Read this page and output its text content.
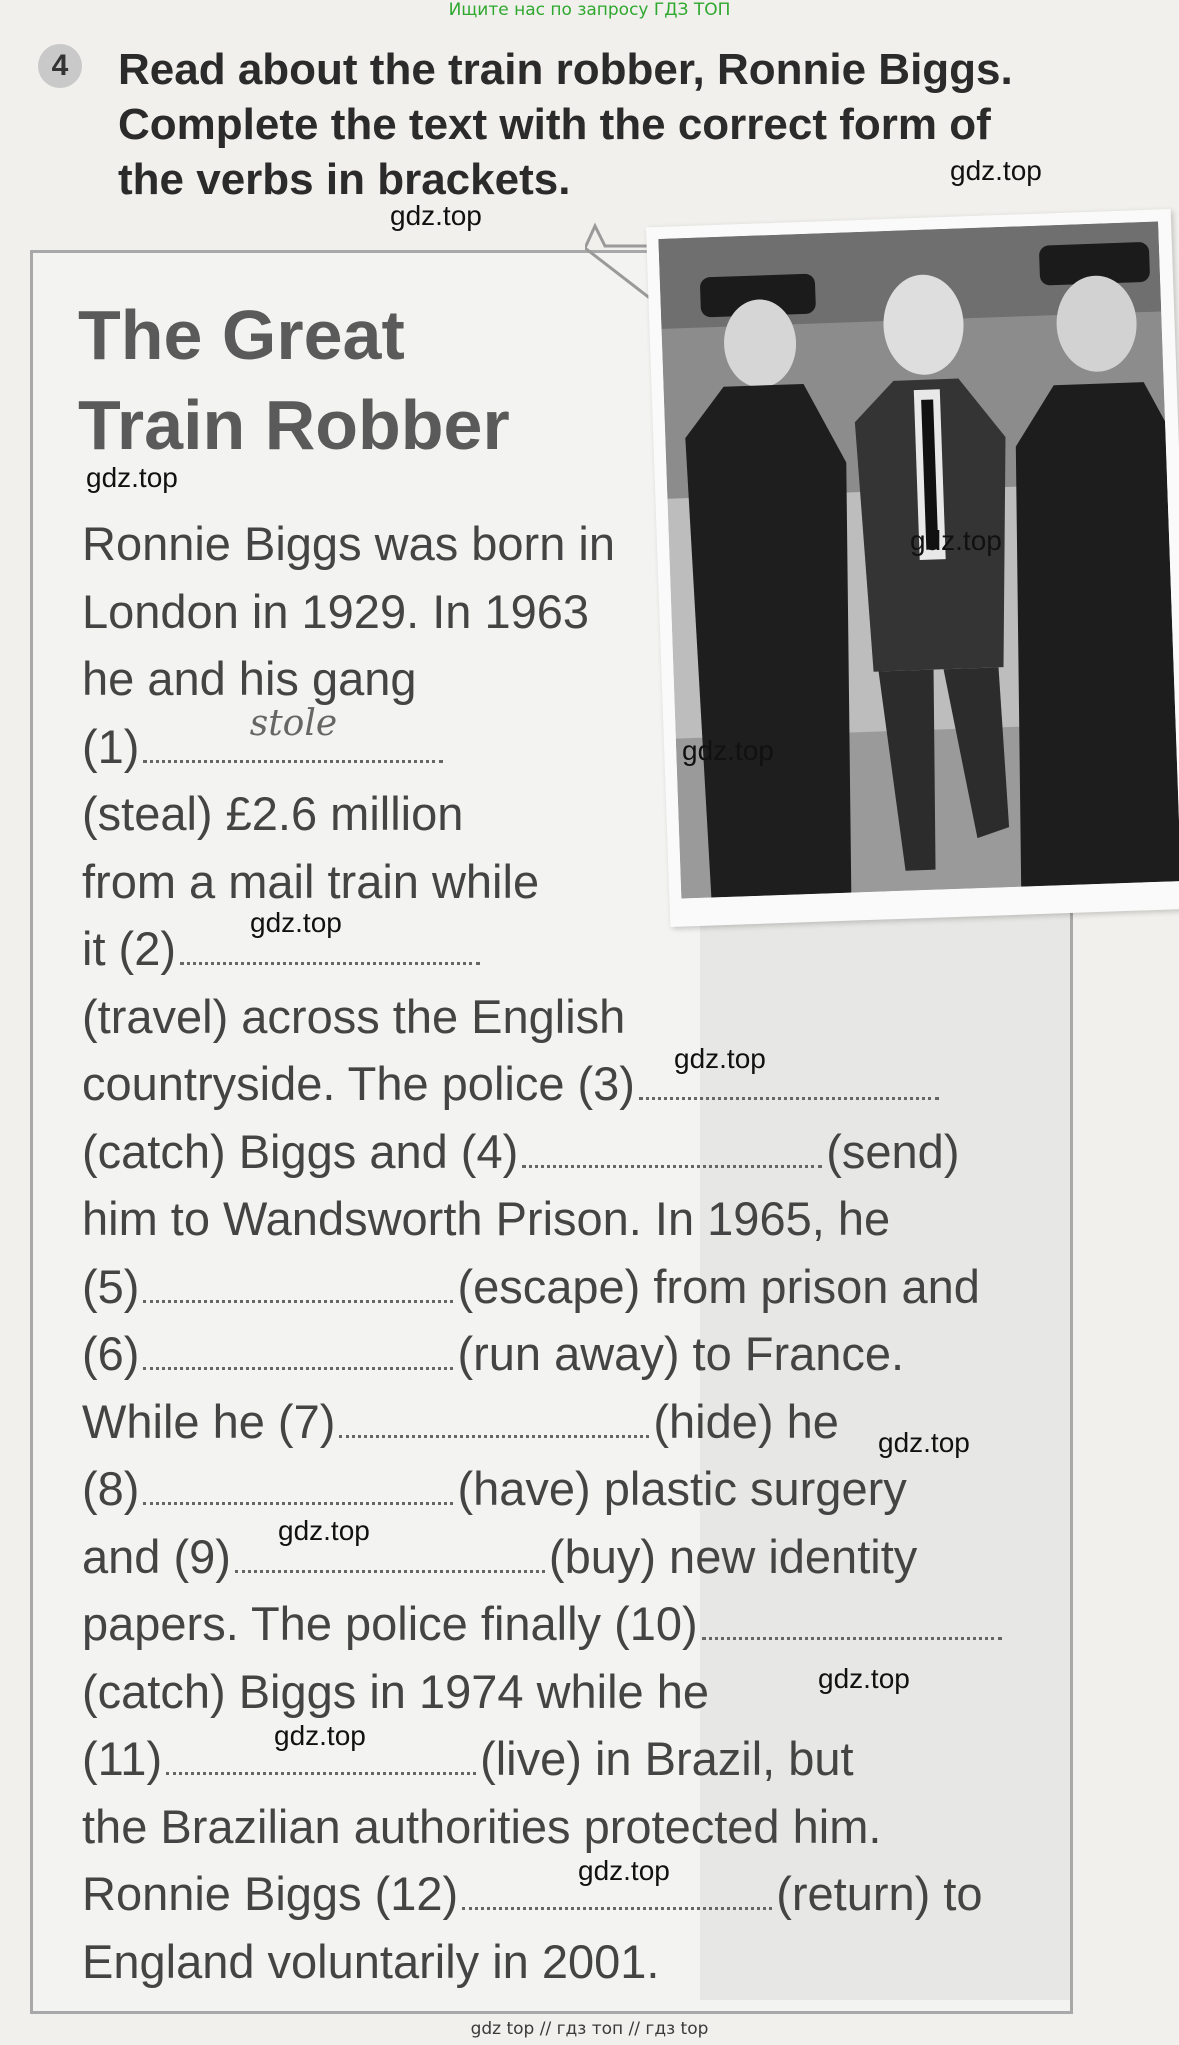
Ищите нас по запросу ГДЗ ТОП
4	Read about the train robber, Ronnie Biggs.
Complete the text with the correct form of
the verbs in brackets.
The Great
Train Robber
Ronnie Biggs was born in
London in 1929. In 1963
he and his gang
(1)	stole
(steal) £2.6 million
from a mail train while
it (2)
(travel) across the English
countryside. The police (3)
(catch) Biggs and (4)	(send)
him to Wandsworth Prison. In 1965, he
(5)	(escape) from prison and
(6)	(run away) to France.
While he (7)	(hide) he
(8)	(have) plastic surgery
and (9)	(buy) new identity
papers. The police finally (10)
(catch) Biggs in 1974 while he
(11)	(live) in Brazil, but
the Brazilian authorities protected him.
Ronnie Biggs (12)	(return) to
England voluntarily in 2001.
gdz.top
gdz.top
gdz.top
gdz.top
gdz.top
gdz.top
gdz.top
gdz.top
gdz.top
gdz.top
gdz.top
gdz.top
gdz top // гдз топ // гдз top
